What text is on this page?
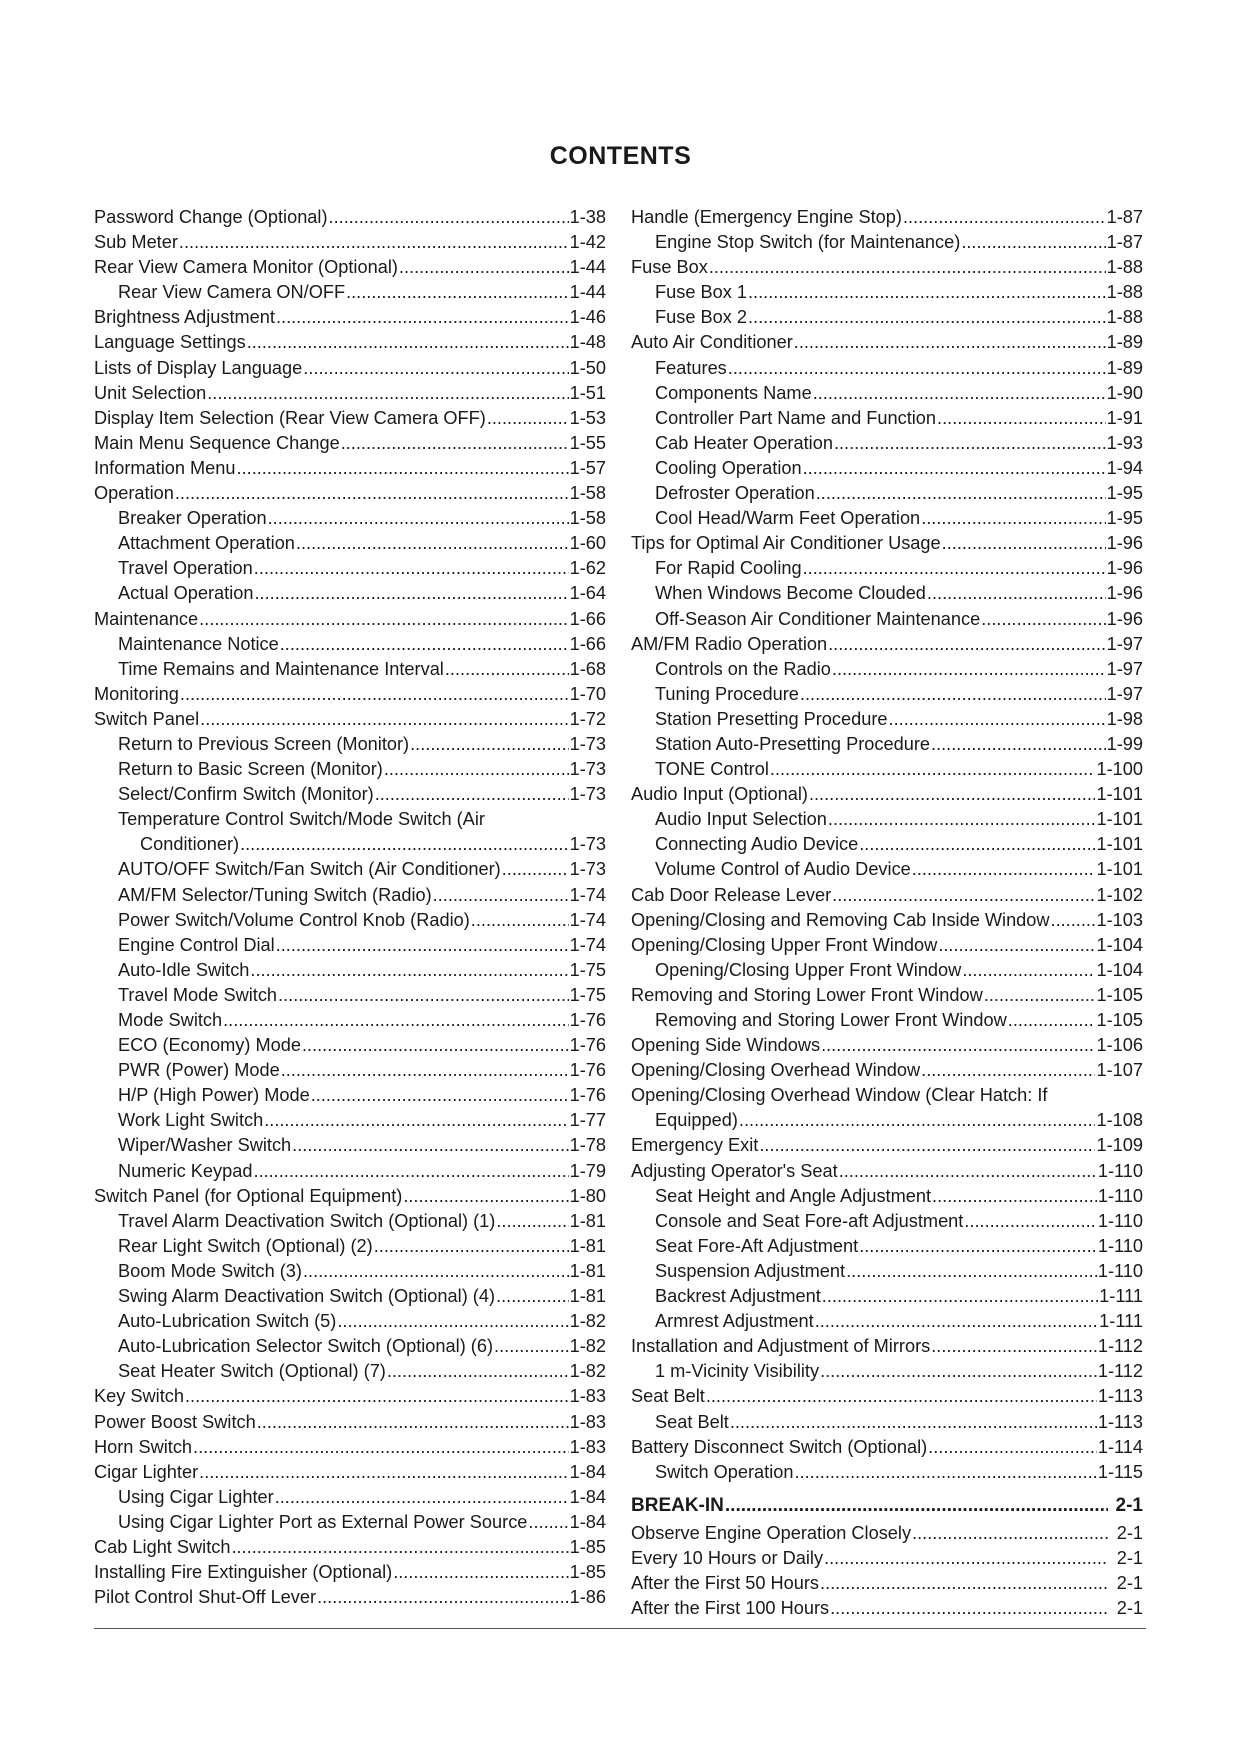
CONTENTS
Password Change (Optional) .....	1-38
Sub Meter .....	1-42
Rear View Camera Monitor (Optional) .....	1-44
Rear View Camera ON/OFF .....	1-44
Brightness Adjustment .....	1-46
Language Settings .....	1-48
Lists of Display Language .....	1-50
Unit Selection .....	1-51
Display Item Selection (Rear View Camera OFF) .....	1-53
Main Menu Sequence Change .....	1-55
Information Menu .....	1-57
Operation .....	1-58
Breaker Operation .....	1-58
Attachment Operation .....	1-60
Travel Operation .....	1-62
Actual Operation .....	1-64
Maintenance .....	1-66
Maintenance Notice .....	1-66
Time Remains and Maintenance Interval .....	1-68
Monitoring .....	1-70
Switch Panel .....	1-72
Return to Previous Screen (Monitor) .....	1-73
Return to Basic Screen (Monitor) .....	1-73
Select/Confirm Switch (Monitor) .....	1-73
Temperature Control Switch/Mode Switch (Air
Conditioner) .....	1-73
AUTO/OFF Switch/Fan Switch (Air Conditioner) .....	1-73
AM/FM Selector/Tuning Switch (Radio) .....	1-74
Power Switch/Volume Control Knob (Radio) .....	1-74
Engine Control Dial .....	1-74
Auto-Idle Switch .....	1-75
Travel Mode Switch .....	1-75
Mode Switch .....	1-76
ECO (Economy) Mode .....	1-76
PWR (Power) Mode .....	1-76
H/P (High Power) Mode .....	1-76
Work Light Switch .....	1-77
Wiper/Washer Switch .....	1-78
Numeric Keypad .....	1-79
Switch Panel (for Optional Equipment) .....	1-80
Travel Alarm Deactivation Switch (Optional) (1) .....	1-81
Rear Light Switch (Optional) (2) .....	1-81
Boom Mode Switch (3) .....	1-81
Swing Alarm Deactivation Switch (Optional) (4) .....	1-81
Auto-Lubrication Switch (5) .....	1-82
Auto-Lubrication Selector Switch (Optional) (6) .....	1-82
Seat Heater Switch (Optional) (7) .....	1-82
Key Switch .....	1-83
Power Boost Switch .....	1-83
Horn Switch .....	1-83
Cigar Lighter .....	1-84
Using Cigar Lighter .....	1-84
Using Cigar Lighter Port as External Power Source ..... 1-84
Cab Light Switch .....	1-85
Installing Fire Extinguisher (Optional) .....	1-85
Pilot Control Shut-Off Lever .....	1-86
Handle (Emergency Engine Stop) .....	1-87
Engine Stop Switch (for Maintenance) .....	1-87
Fuse Box .....	1-88
Fuse Box 1 .....	1-88
Fuse Box 2 .....	1-88
Auto Air Conditioner .....	1-89
Features .....	1-89
Components Name .....	1-90
Controller Part Name and Function .....	1-91
Cab Heater Operation .....	1-93
Cooling Operation .....	1-94
Defroster Operation .....	1-95
Cool Head/Warm Feet Operation .....	1-95
Tips for Optimal Air Conditioner Usage .....	1-96
For Rapid Cooling .....	1-96
When Windows Become Clouded .....	1-96
Off-Season Air Conditioner Maintenance .....	1-96
AM/FM Radio Operation .....	1-97
Controls on the Radio .....	1-97
Tuning Procedure .....	1-97
Station Presetting Procedure .....	1-98
Station Auto-Presetting Procedure .....	1-99
TONE Control .....	1-100
Audio Input (Optional) .....	1-101
Audio Input Selection .....	1-101
Connecting Audio Device .....	1-101
Volume Control of Audio Device .....	1-101
Cab Door Release Lever .....	1-102
Opening/Closing and Removing Cab Inside Window .....	1-103
Opening/Closing Upper Front Window .....	1-104
Opening/Closing Upper Front Window .....	1-104
Removing and Storing Lower Front Window .....	1-105
Removing and Storing Lower Front Window .....	1-105
Opening Side Windows .....	1-106
Opening/Closing Overhead Window .....	1-107
Opening/Closing Overhead Window (Clear Hatch: If
Equipped) .....	1-108
Emergency Exit .....	1-109
Adjusting Operator's Seat .....	1-110
Seat Height and Angle Adjustment .....	1-110
Console and Seat Fore-aft Adjustment .....	1-110
Seat Fore-Aft Adjustment .....	1-110
Suspension Adjustment .....	1-110
Backrest Adjustment .....	1-111
Armrest Adjustment .....	1-111
Installation and Adjustment of Mirrors .....	1-112
1 m-Vicinity Visibility .....	1-112
Seat Belt .....	1-113
Seat Belt .....	1-113
Battery Disconnect Switch (Optional) .....	1-114
Switch Operation .....	1-115
BREAK-IN .....	2-1
Observe Engine Operation Closely .....	2-1
Every 10 Hours or Daily .....	2-1
After the First 50 Hours .....	2-1
After the First 100 Hours .....	2-1
